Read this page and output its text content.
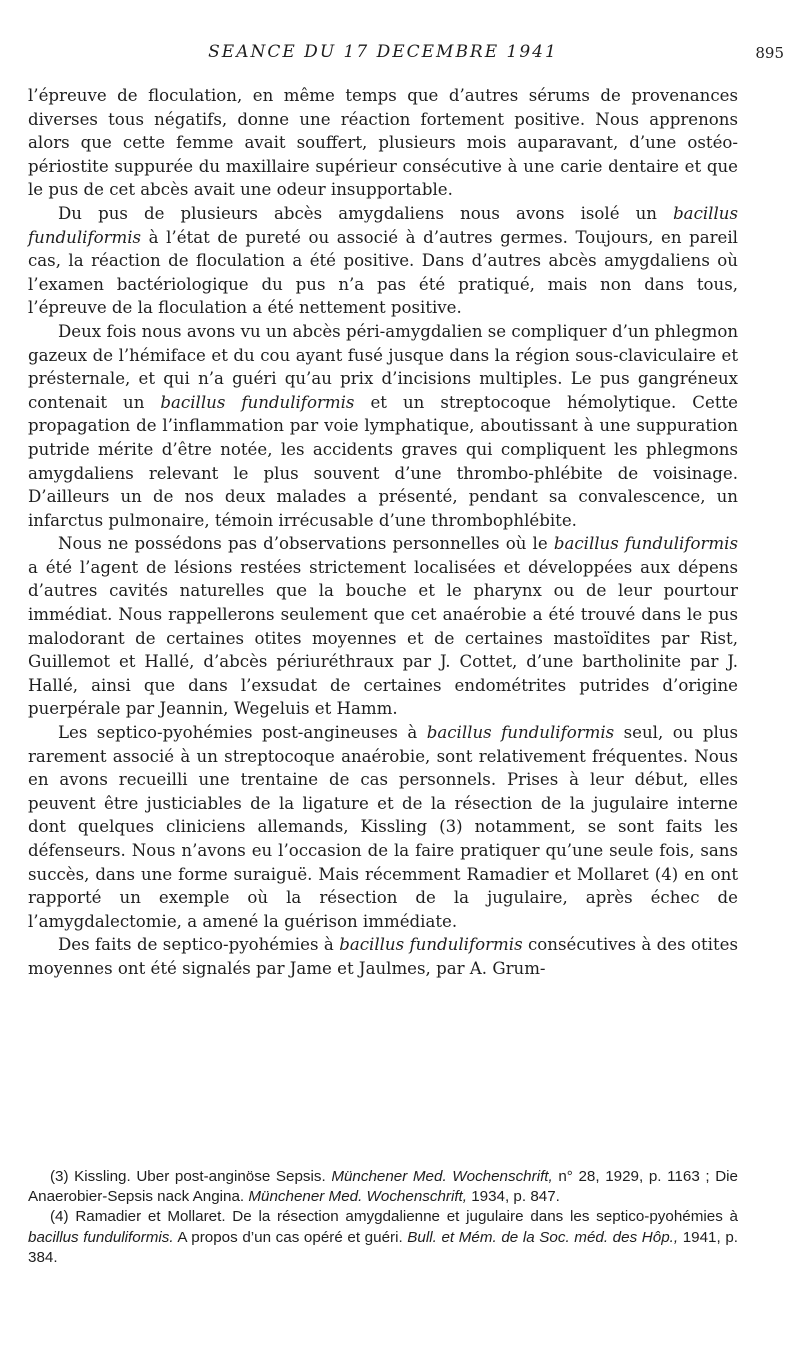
SEANCE DU 17 DECEMBRE 1941	895

l’épreuve de floculation, en même temps que d’autres sérums de provenances diverses tous négatifs, donne une réaction fortement positive. Nous apprenons alors que cette femme avait souffert, plusieurs mois auparavant, d’une ostéo-périostite suppurée du maxillaire supérieur consécutive à une carie dentaire et que le pus de cet abcès avait une odeur insupportable.

Du pus de plusieurs abcès amygdaliens nous avons isolé un bacillus funduliformis à l’état de pureté ou associé à d’autres germes. Toujours, en pareil cas, la réaction de floculation a été positive. Dans d’autres abcès amygdaliens où l’examen bactériologique du pus n’a pas été pratiqué, mais non dans tous, l’épreuve de la floculation a été nettement positive.

Deux fois nous avons vu un abcès péri-amygdalien se compliquer d’un phlegmon gazeux de l’hémiface et du cou ayant fusé jusque dans la région sous-claviculaire et présternale, et qui n’a guéri qu’au prix d’incisions multiples. Le pus gangréneux contenait un bacillus funduliformis et un streptocoque hémolytique. Cette propagation de l’inflammation par voie lymphatique, aboutissant à une suppuration putride mérite d’être notée, les accidents graves qui compliquent les phlegmons amygdaliens relevant le plus souvent d’une thrombo-phlébite de voisinage. D’ailleurs un de nos deux malades a présenté, pendant sa convalescence, un infarctus pulmonaire, témoin irrécusable d’une thrombophlébite.

Nous ne possédons pas d’observations personnelles où le bacillus funduliformis a été l’agent de lésions restées strictement localisées et développées aux dépens d’autres cavités naturelles que la bouche et le pharynx ou de leur pourtour immédiat. Nous rappellerons seulement que cet anaérobie a été trouvé dans le pus malodorant de certaines otites moyennes et de certaines mastoïdites par Rist, Guillemot et Hallé, d’abcès périuréthraux par J. Cottet, d’une bartholinite par J. Hallé, ainsi que dans l’exsudat de certaines endométrites putrides d’origine puerpérale par Jeannin, Wegeluis et Hamm.

Les septico-pyohémies post-angineuses à bacillus funduliformis seul, ou plus rarement associé à un streptocoque anaérobie, sont relativement fréquentes. Nous en avons recueilli une trentaine de cas personnels. Prises à leur début, elles peuvent être justiciables de la ligature et de la résection de la jugulaire interne dont quelques cliniciens allemands, Kissling (3) notamment, se sont faits les défenseurs. Nous n’avons eu l’occasion de la faire pratiquer qu’une seule fois, sans succès, dans une forme suraiguë. Mais récemment Ramadier et Mollaret (4) en ont rapporté un exemple où la résection de la jugulaire, après échec de l’amygdalectomie, a amené la guérison immédiate.

Des faits de septico-pyohémies à bacillus funduliformis consécutives à des otites moyennes ont été signalés par Jame et Jaulmes, par A. Grum-

(3) Kissling. Uber post-anginöse Sepsis. Münchener Med. Wochenschrift, n° 28, 1929, p. 1163 ; Die Anaerobier-Sepsis nack Angina. Münchener Med. Wochenschrift, 1934, p. 847.

(4) Ramadier et Mollaret. De la résection amygdalienne et jugulaire dans les septico-pyohémies à bacillus funduliformis. A propos d’un cas opéré et guéri. Bull. et Mém. de la Soc. méd. des Hôp., 1941, p. 384.
